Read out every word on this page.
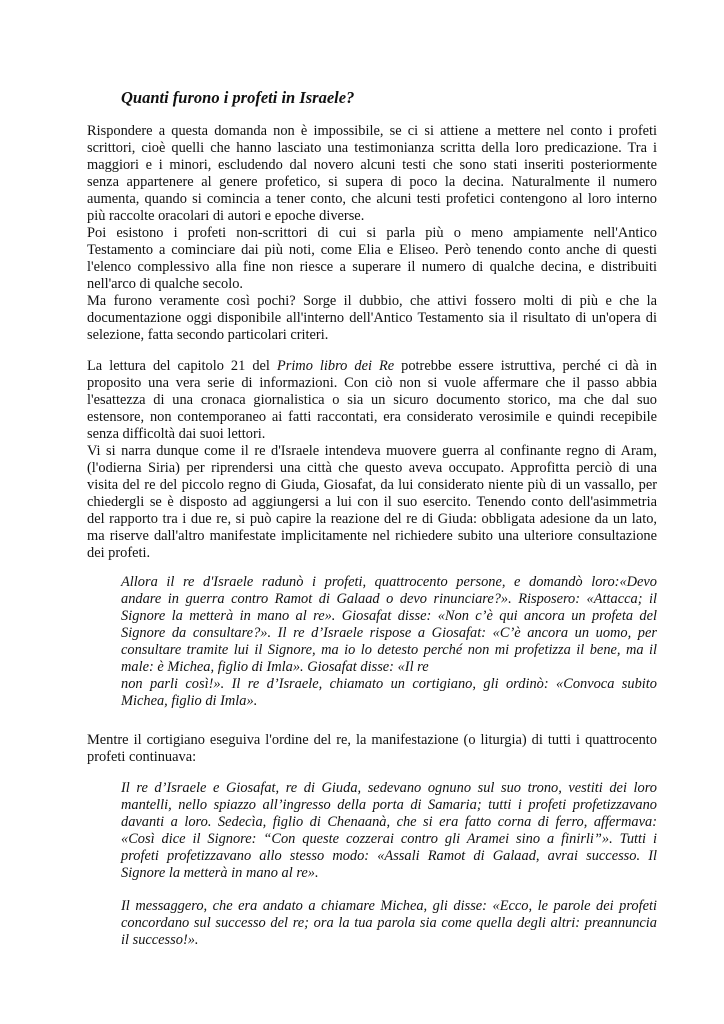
Quanti furono i profeti in Israele?

Rispondere a questa domanda non è impossibile, se ci si attiene a mettere nel conto i profeti
scrittori, cioè quelli che hanno lasciato una testimonianza scritta della loro predicazione. Tra i
maggiori e i minori, escludendo dal novero alcuni testi che sono stati inseriti posteriormente
senza appartenere al genere profetico, si supera di poco la decina. Naturalmente il numero
aumenta, quando si comincia a tener conto, che alcuni testi profetici contengono al loro interno
più raccolte oracolari di autori e epoche diverse.
Poi esistono i profeti non-scrittori di cui si parla più o meno ampiamente nell'Antico
Testamento a cominciare dai più noti, come Elia e Eliseo. Però tenendo conto anche di questi
l'elenco complessivo alla fine non riesce a superare il numero di qualche decina, e distribuiti
nell'arco di qualche secolo.
Ma furono veramente così pochi? Sorge il dubbio, che attivi fossero molti di più e che la
documentazione oggi disponibile all'interno dell'Antico Testamento sia il risultato di un'opera di
selezione, fatta secondo particolari criteri.

La lettura del capitolo 21 del Primo libro dei Re potrebbe essere istruttiva, perché ci dà in
proposito una vera serie di informazioni. Con ciò non si vuole affermare che il passo abbia
l'esattezza di una cronaca giornalistica o sia un sicuro documento storico, ma che dal suo
estensore, non contemporaneo ai fatti raccontati, era considerato verosimile e quindi recepibile
senza difficoltà dai suoi lettori.
Vi si narra dunque come il re d'Israele intendeva muovere guerra al confinante regno di Aram,
(l'odierna Siria) per riprendersi una città che questo aveva occupato. Approfitta perciò di una
visita del re del piccolo regno di Giuda, Giosafat, da lui considerato niente più di un vassallo, per
chiedergli se è disposto ad aggiungersi a lui con il suo esercito. Tenendo conto dell'asimmetria
del rapporto tra i due re, si può capire la reazione del re di Giuda: obbligata adesione da un lato,
ma riserve dall'altro manifestate implicitamente nel richiedere subito una ulteriore consultazione
dei profeti.

Allora il re d'Israele radunò i profeti, quattrocento persone, e domandò loro:«Devo
andare in guerra contro Ramot di Galaad o devo rinunciare?». Risposero: «Attacca; il
Signore la metterà in mano al re». Giosafat disse: «Non c’è qui ancora un profeta del
Signore da consultare?». Il re d’Israele rispose a Giosafat: «C’è ancora un uomo, per
consultare tramite lui il Signore, ma io lo detesto perché non mi profetizza il bene, ma il
male: è Michea, figlio di Imla». Giosafat disse: «Il re
non parli così!». Il re d’Israele, chiamato un cortigiano, gli ordinò: «Convoca subito
Michea, figlio di Imla».

Mentre il cortigiano eseguiva l'ordine del re, la manifestazione (o liturgia) di tutti i quattrocento
profeti continuava:

Il re d’Israele e Giosafat, re di Giuda, sedevano ognuno sul suo trono, vestiti dei loro
mantelli, nello spiazzo all’ingresso della porta di Samaria; tutti i profeti profetizzavano
davanti a loro. Sedecìa, figlio di Chenaanà, che si era fatto corna di ferro, affermava:
«Così dice il Signore: “Con queste cozzerai contro gli Aramei sino a finirli”». Tutti i
profeti profetizzavano allo stesso modo: «Assali Ramot di Galaad, avrai successo. Il
Signore la metterà in mano al re».

Il messaggero, che era andato a chiamare Michea, gli disse: «Ecco, le parole dei profeti
concordano sul successo del re; ora la tua parola sia come quella degli altri: preannuncia
il successo!».
